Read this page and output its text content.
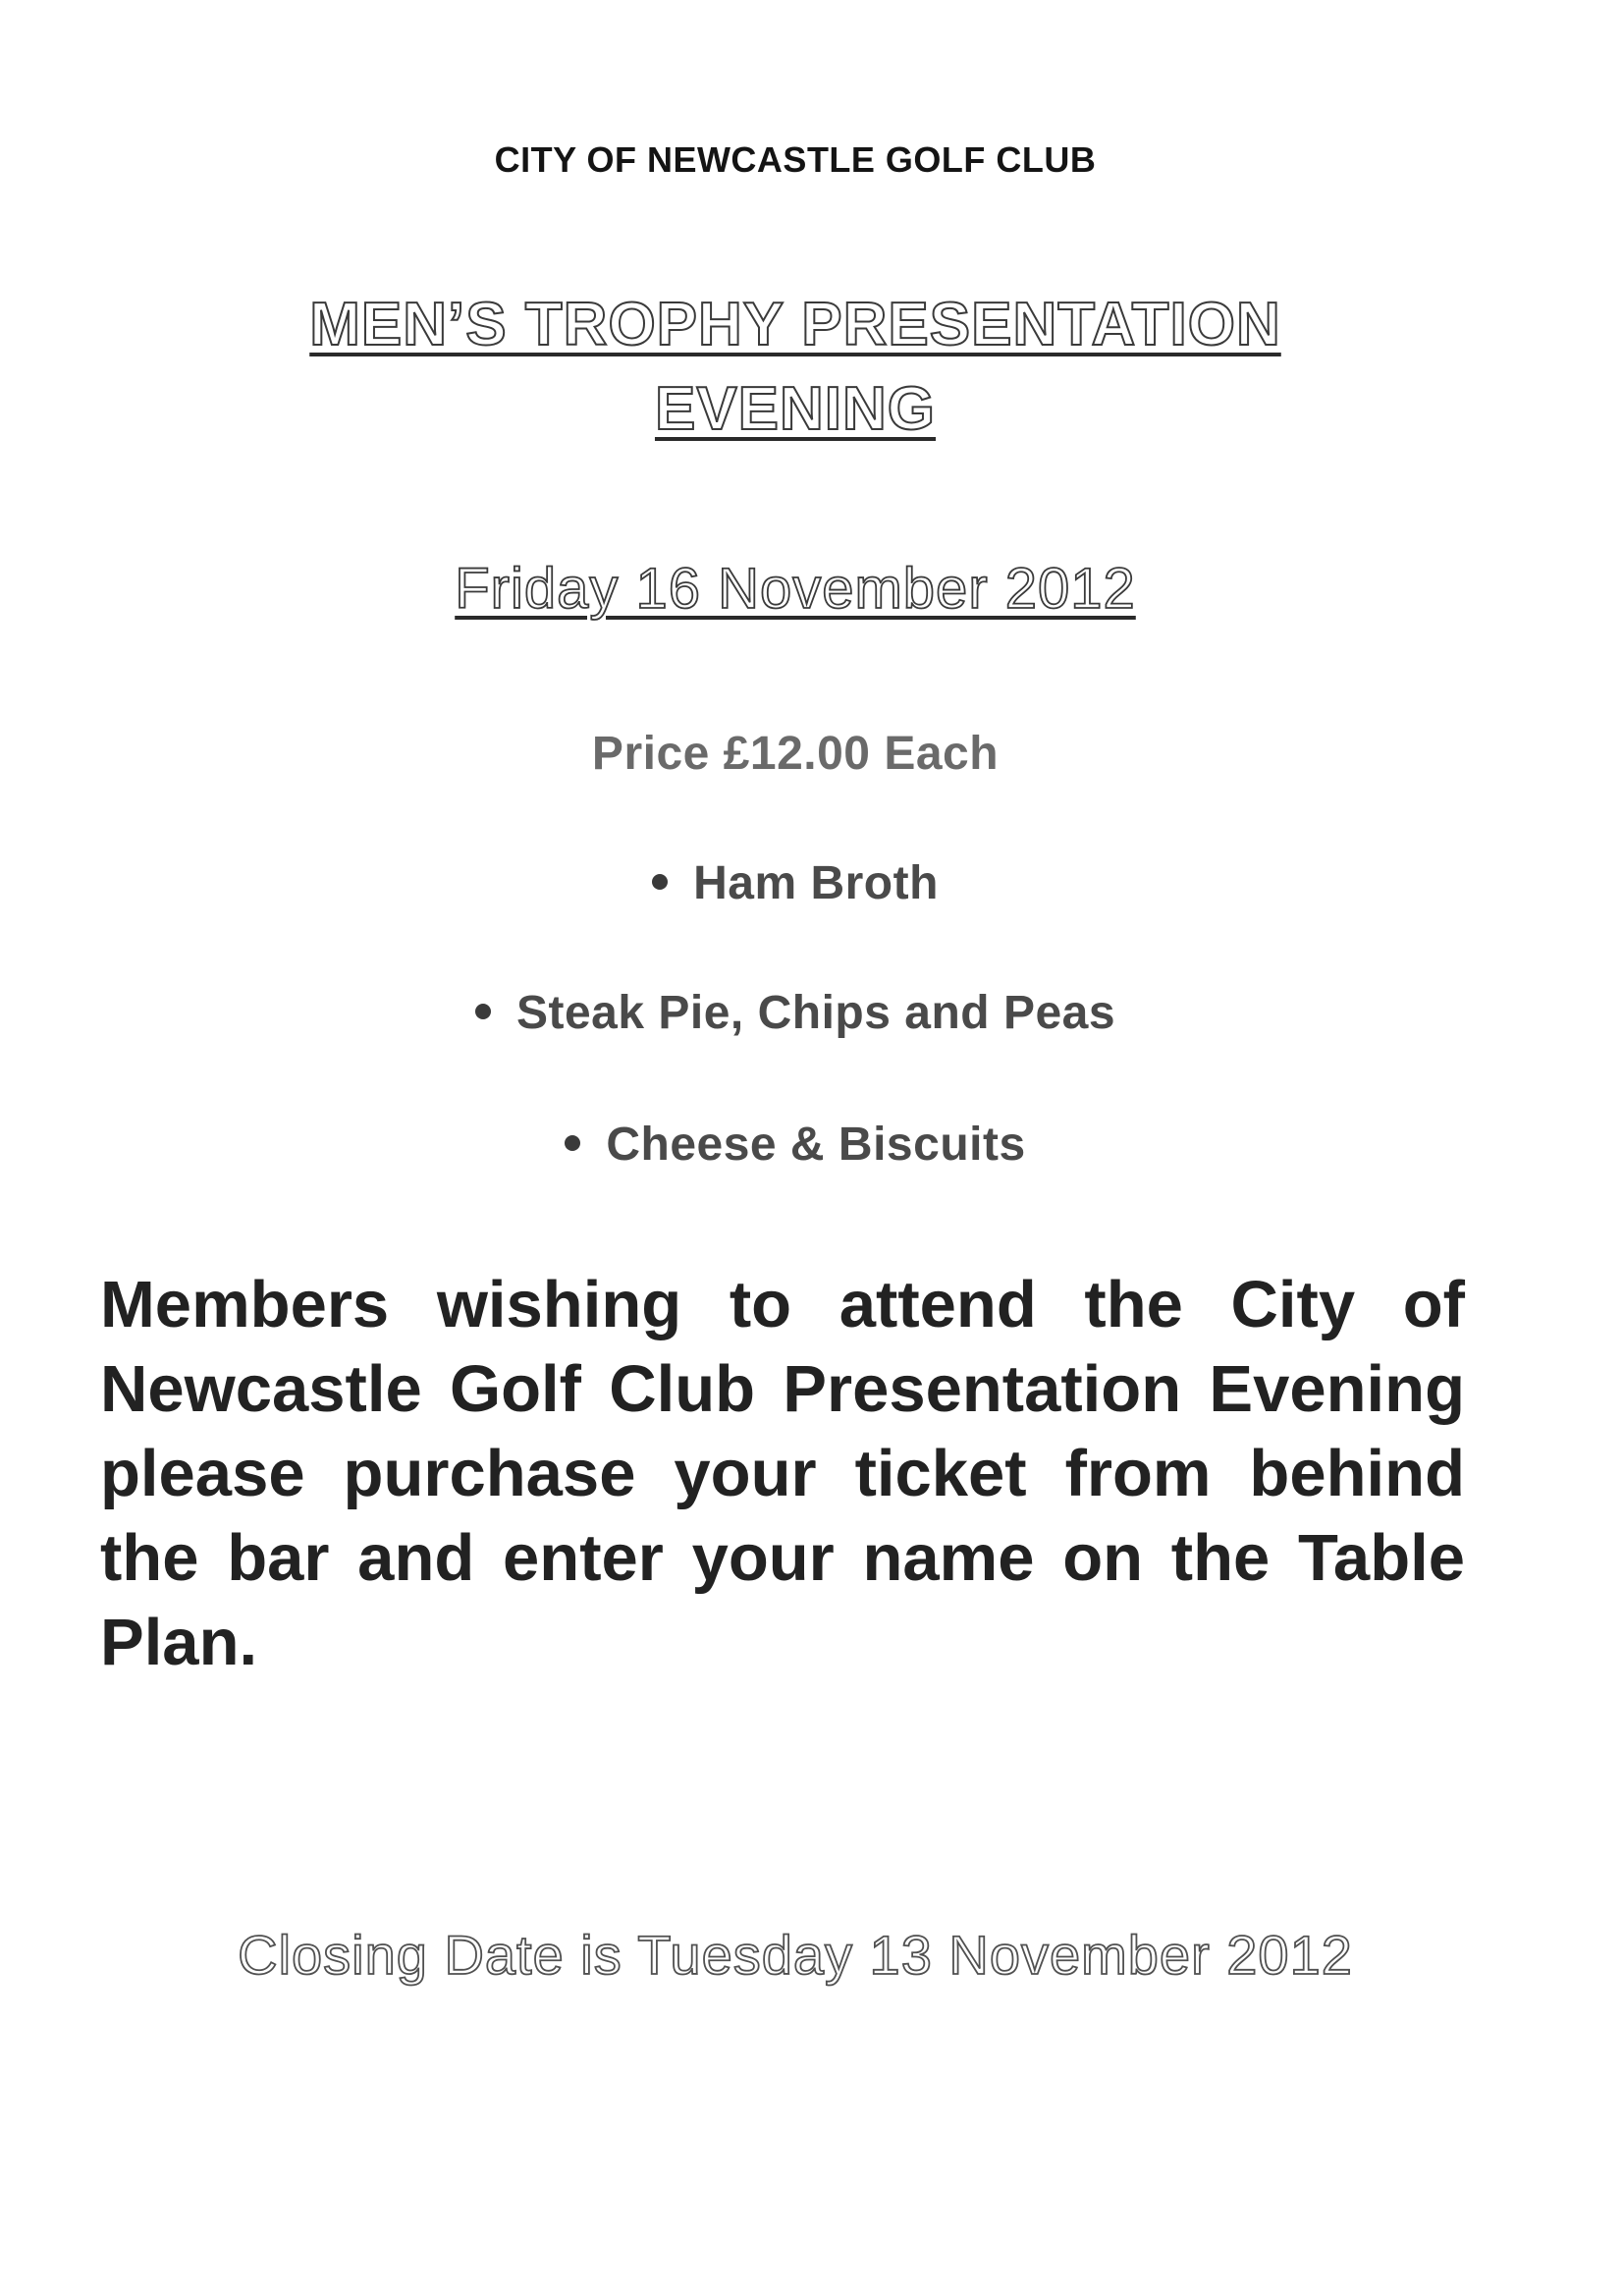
CITY OF NEWCASTLE GOLF CLUB
MEN’S TROPHY PRESENTATION
EVENING
Friday 16 November 2012
Price £12.00 Each
Ham Broth
Steak Pie, Chips and Peas
Cheese & Biscuits
Members wishing to attend the City of Newcastle Golf Club Presentation Evening please purchase your ticket from behind the bar and enter your name on the Table Plan.
Closing Date is Tuesday 13 November 2012
